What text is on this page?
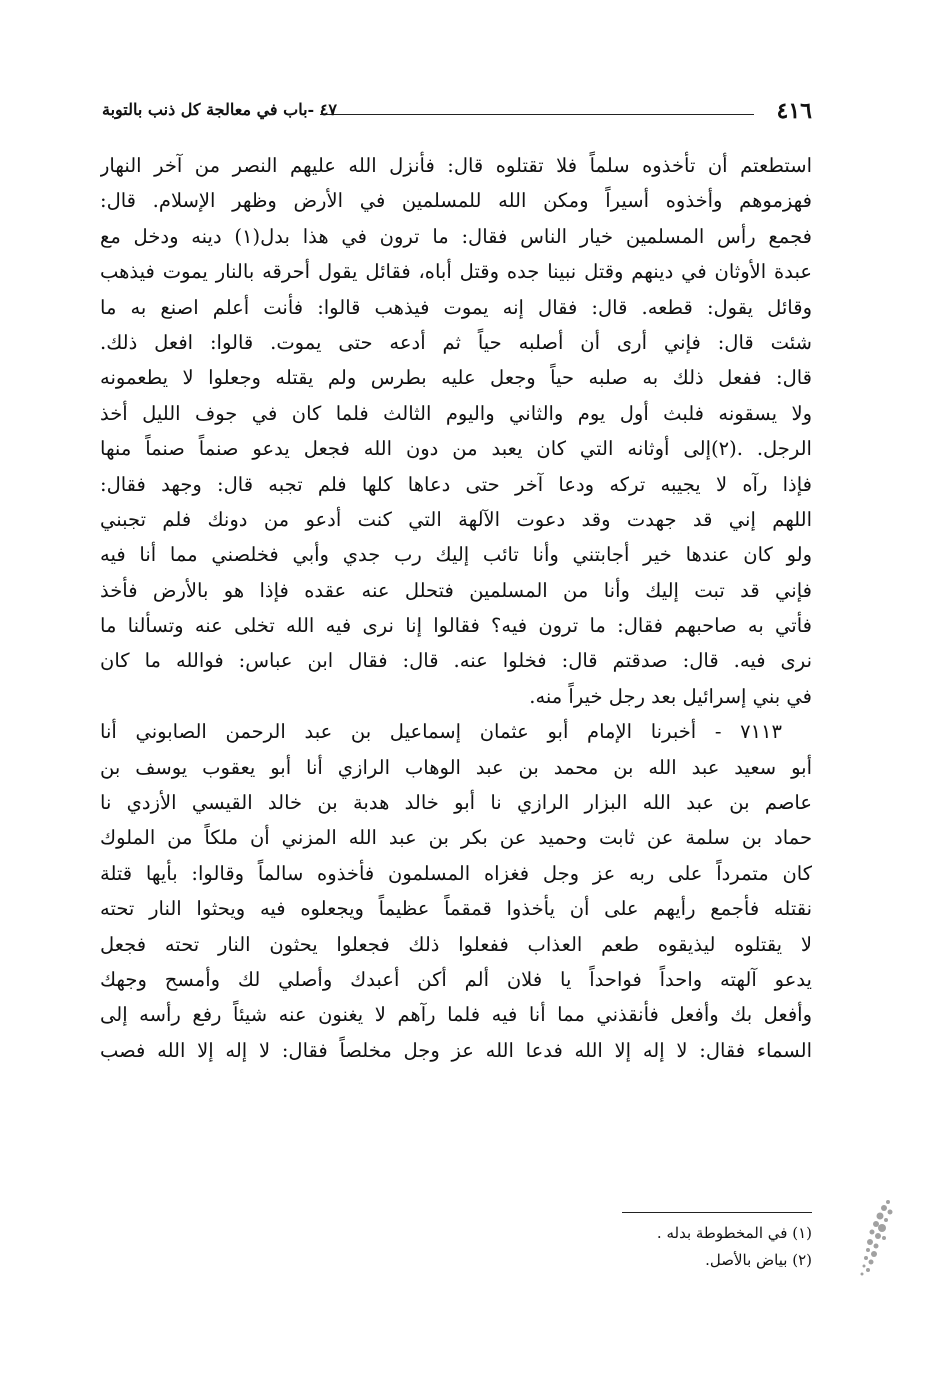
٤١٦
٤٧ -باب في معالجة كل ذنب بالتوبة
استطعتم أن تأخذوه سلماً فلا تقتلوه قال: فأنزل الله عليهم النصر من آخر النهار
فهزموهم وأخذوه أسيراً ومكن الله للمسلمين في الأرض وظهر الإسلام. قال:
فجمع رأس المسلمين خيار الناس فقال: ما ترون في هذا بدل(١) دينه ودخل مع
عبدة الأوثان في دينهم وقتل نبينا جده وقتل أباه، فقائل يقول أحرقه بالنار يموت فيذهب
وقائل يقول: قطعه. قال: فقال إنه يموت فيذهب قالوا: فأنت أعلم اصنع به ما
شئت قال: فإني أرى أن أصلبه حياً ثم أدعه حتى يموت. قالوا: افعل ذلك.
قال: ففعل ذلك به صلبه حياً وجعل عليه بطرس ولم يقتله وجعلوا لا يطعمونه
ولا يسقونه فلبث أول يوم والثاني واليوم الثالث فلما كان في جوف الليل أخذ
الرجل. .(٢)إلى أوثانه التي كان يعبد من دون الله فجعل يدعو صنماً صنماً منها
فإذا رآه لا يجيبه تركه ودعا آخر حتى دعاها كلها فلم تجبه قال: وجهد فقال:
اللهم إني قد جهدت وقد دعوت الآلهة التي كنت أدعو من دونك فلم تجبني
ولو كان عندها خير أجابتني وأنا تائب إليك رب جدي وأبي فخلصني مما أنا فيه
فإني قد تبت إليك وأنا من المسلمين فتحلل عنه عقده فإذا هو بالأرض فأخذ
فأتي به صاحبهم فقال: ما ترون فيه؟ فقالوا إنا نرى فيه الله تخلى عنه وتسألنا ما
نرى فيه. قال: صدقتم قال: فخلوا عنه. قال: فقال ابن عباس: فوالله ما كان
في بني إسرائيل بعد رجل خيراً منه.
٧١١٣ - أخبرنا الإمام أبو عثمان إسماعيل بن عبد الرحمن الصابوني أنا
أبو سعيد عبد الله بن محمد بن عبد الوهاب الرازي أنا أبو يعقوب يوسف بن
عاصم بن عبد الله البزار الرازي نا أبو خالد هدبة بن خالد القيسي الأزدي نا
حماد بن سلمة عن ثابت وحميد عن بكر بن عبد الله المزني أن ملكاً من الملوك
كان متمرداً على ربه عز وجل فغزاه المسلمون فأخذوه سالماً وقالوا: بأيها قتلة
نقتله فأجمع رأيهم على أن يأخذوا قمقماً عظيماً ويجعلوه فيه ويحثوا النار تحته
لا يقتلوه ليذيقوه طعم العذاب ففعلوا ذلك فجعلوا يحثون النار تحته فجعل
يدعو آلهته واحداً فواحداً يا فلان ألم أكن أعبدك وأصلي لك وأمسح وجهك
وأفعل بك وأفعل فأنقذني مما أنا فيه فلما رآهم لا يغنون عنه شيئاً رفع رأسه إلى
السماء فقال: لا إله إلا الله فدعا الله عز وجل مخلصاً فقال: لا إله إلا الله فصب
(١) في المخطوطة بدله .
(٢) بياض بالأصل.
